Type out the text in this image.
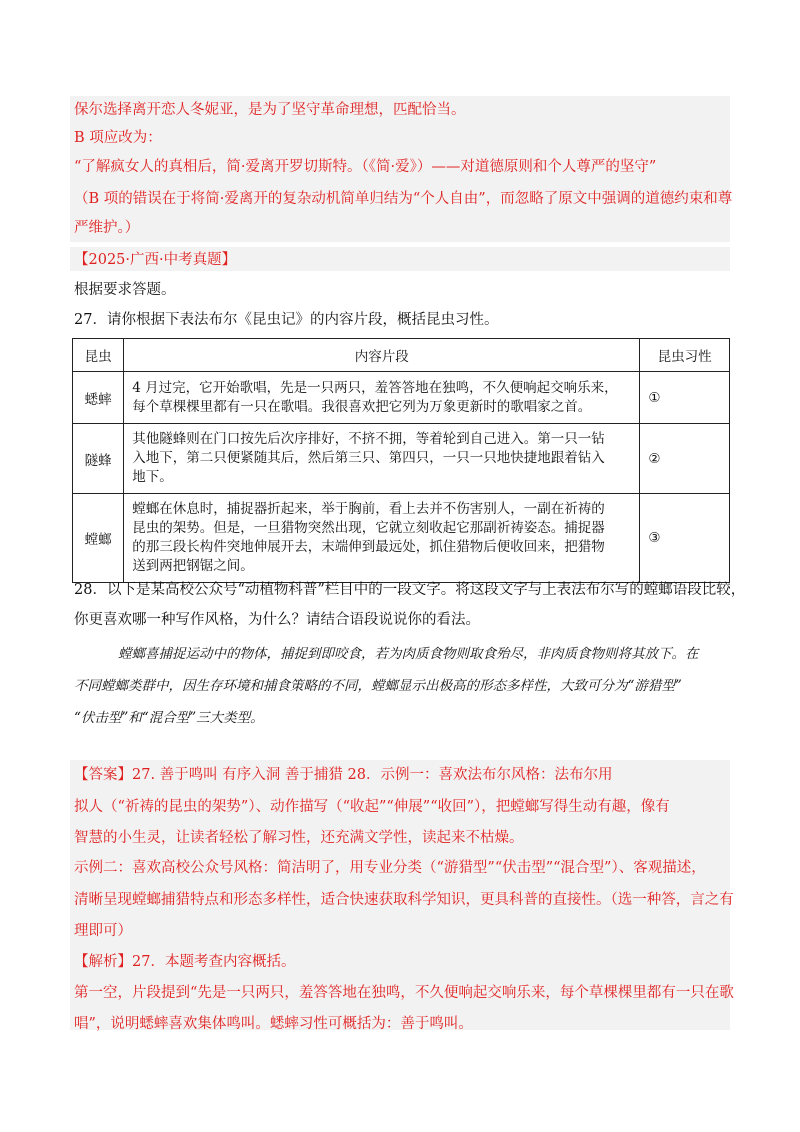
保尔选择离开恋人冬妮亚，是为了坚守革命理想，匹配恰当。
B 项应改为：
“了解疯女人的真相后，简·爱离开罗切斯特。（《简·爱》）——对道德原则和个人尊严的坚守”
（B 项的错误在于将简·爱离开的复杂动机简单归结为“个人自由”，而忽略了原文中强调的道德约束和尊
严维护。）
【2025·广西·中考真题】
根据要求答题。
27．请你根据下表法布尔《昆虫记》的内容片段，概括昆虫习性。
昆虫	内容片段	昆虫习性
蟋蟀	4 月过完，它开始歌唱，先是一只两只，羞答答地在独鸣，不久便响起交响乐来，
每个草棵棵里都有一只在歌唱。我很喜欢把它列为万象更新时的歌唱家之首。	①
隧蜂	其他隧蜂则在门口按先后次序排好，不挤不拥，等着轮到自己进入。第一只一钻
入地下，第二只便紧随其后，然后第三只、第四只，一只一只地快捷地跟着钻入
地下。	②
螳螂	螳螂在休息时，捕捉器折起来，举于胸前，看上去并不伤害别人，一副在祈祷的
昆虫的架势。但是，一旦猎物突然出现，它就立刻收起它那副祈祷姿态。捕捉器
的那三段长构件突地伸展开去，末端伸到最远处，抓住猎物后便收回来，把猎物
送到两把钢锯之间。	③
28．以下是某高校公众号“动植物科普”栏目中的一段文字。将这段文字与上表法布尔写的螳螂语段比较，
你更喜欢哪一种写作风格，为什么？请结合语段说说你的看法。
螳螂喜捕捉运动中的物体，捕捉到即咬食，若为肉质食物则取食殆尽，非肉质食物则将其放下。在
不同螳螂类群中，因生存环境和捕食策略的不同，螳螂显示出极高的形态多样性，大致可分为“游猎型”
“伏击型”和“混合型”三大类型。
【答案】27. 善于鸣叫 有序入洞 善于捕猎 28．示例一：喜欢法布尔风格：法布尔用
拟人（“祈祷的昆虫的架势”）、动作描写（“收起”“伸展”“收回”），把螳螂写得生动有趣，像有
智慧的小生灵，让读者轻松了解习性，还充满文学性，读起来不枯燥。
示例二：喜欢高校公众号风格：简洁明了，用专业分类（“游猎型”“伏击型”“混合型”）、客观描述，
清晰呈现螳螂捕猎特点和形态多样性，适合快速获取科学知识，更具科普的直接性。（选一种答，言之有
理即可）
【解析】27．本题考查内容概括。
第一空，片段提到“先是一只两只，羞答答地在独鸣，不久便响起交响乐来，每个草棵棵里都有一只在歌
唱”，说明蟋蟀喜欢集体鸣叫。蟋蟀习性可概括为：善于鸣叫。
